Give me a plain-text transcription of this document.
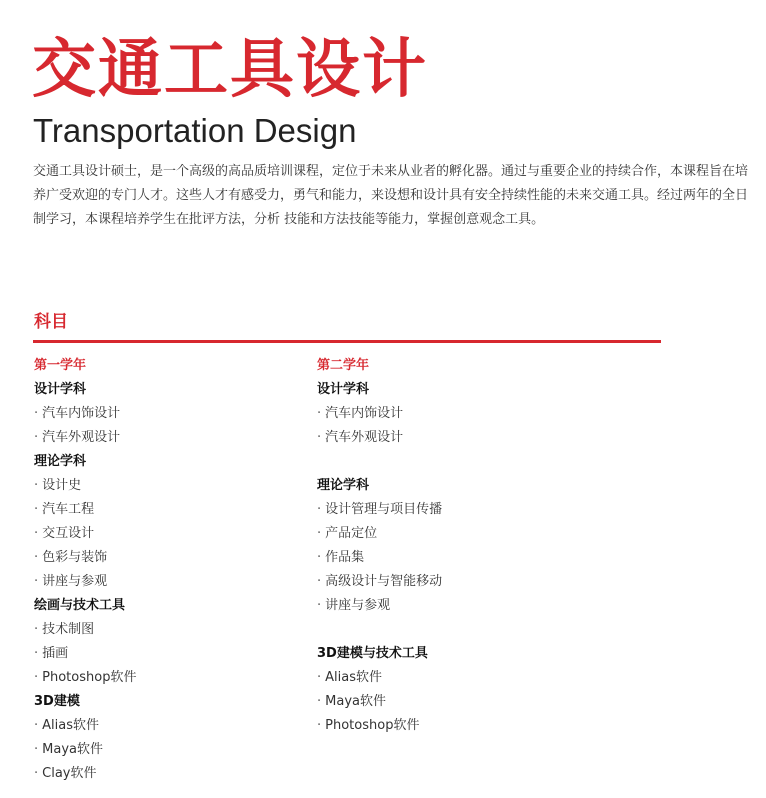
交通工具设计
Transportation Design
交通工具设计硕士，是一个高级的高品质培训课程，定位于未来从业者的孵化器。通过与重要企业的持续合作，本课程旨在培养广受欢迎的专门人才。这些人才有感受力，勇气和能力，来设想和设计具有安全持续性能的未来交通工具。经过两年的全日制学习，本课程培养学生在批评方法，分析 技能和方法技能等能力，掌握创意观念工具。
科目
第一学年
设计学科
· 汽车内饰设计
· 汽车外观设计
理论学科
· 设计史
· 汽车工程
· 交互设计
· 色彩与装饰
· 讲座与参观
绘画与技术工具
· 技术制图
· 插画
· Photoshop软件
3D建模
· Alias软件
· Maya软件
· Clay软件
第二学年
设计学科
· 汽车内饰设计
· 汽车外观设计
理论学科
· 设计管理与项目传播
· 产品定位
· 作品集
· 高级设计与智能移动
· 讲座与参观
3D建模与技术工具
· Alias软件
· Maya软件
· Photoshop软件
